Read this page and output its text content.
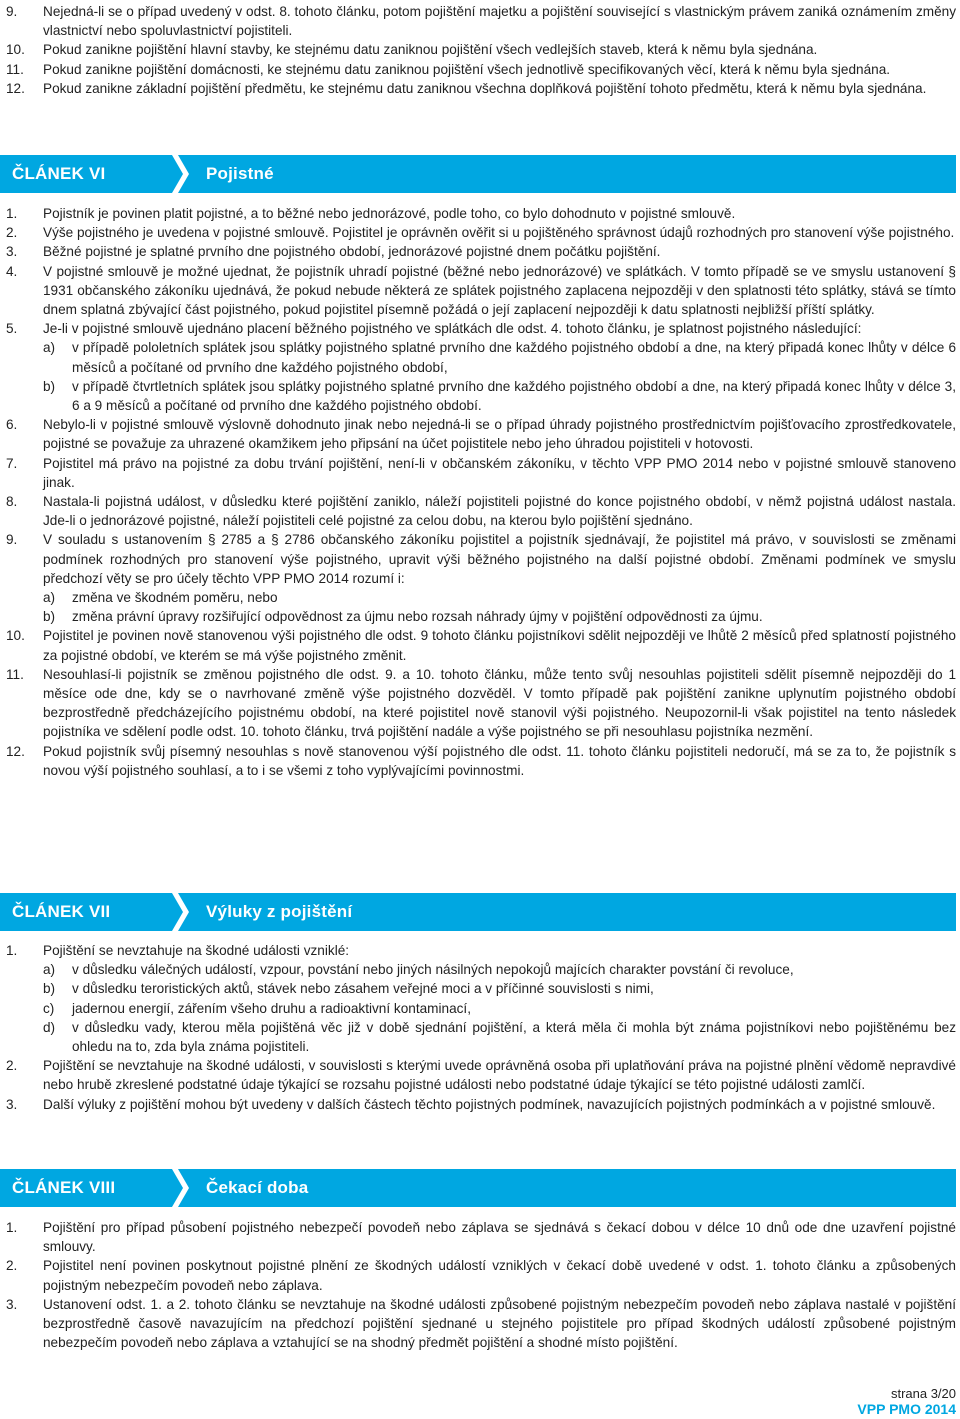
9. Nejedná-li se o případ uvedený v odst. 8. tohoto článku, potom pojištění majetku a pojištění související s vlastnickým právem zaniká oznámením změny vlastnictví nebo spoluvlastnictví pojistiteli.
10. Pokud zanikne pojištění hlavní stavby, ke stejnému datu zaniknou pojištění všech vedlejších staveb, která k němu byla sjednána.
11. Pokud zanikne pojištění domácnosti, ke stejnému datu zaniknou pojištění všech jednotlivě specifikovaných věcí, která k němu byla sjednána.
12. Pokud zanikne základní pojištění předmětu, ke stejnému datu zaniknou všechna doplňková pojištění tohoto předmětu, která k němu byla sjednána.
ČLÁNEK VI	Pojistné
1. Pojistník je povinen platit pojistné, a to běžné nebo jednorázové, podle toho, co bylo dohodnuto v pojistné smlouvě.
2. Výše pojistného je uvedena v pojistné smlouvě. Pojistitel je oprávněn ověřit si u pojištěného správnost údajů rozhodných pro stanovení výše pojistného.
3. Běžné pojistné je splatné prvního dne pojistného období, jednorázové pojistné dnem počátku pojištění.
4. V pojistné smlouvě je možné ujednat, že pojistník uhradí pojistné (běžné nebo jednorázové) ve splátkách. V tomto případě se ve smyslu ustanovení § 1931 občanského zákoníku ujednává, že pokud nebude některá ze splátek pojistného zaplacena nejpozději v den splatnosti této splátky, stává se tímto dnem splatná zbývající část pojistného, pokud pojistitel písemně požádá o její zaplacení nejpozději k datu splatnosti nejbližší příští splátky.
5. Je-li v pojistné smlouvě ujednáno placení běžného pojistného ve splátkách dle odst. 4. tohoto článku, je splatnost pojistného následující:
a) v případě pololetních splátek jsou splátky pojistného splatné prvního dne každého pojistného období a dne, na který připadá konec lhůty v délce 6 měsíců a počítané od prvního dne každého pojistného období,
b) v případě čtvrtletních splátek jsou splátky pojistného splatné prvního dne každého pojistného období a dne, na který připadá konec lhůty v délce 3, 6 a 9 měsíců a počítané od prvního dne každého pojistného období.
6. Nebylo-li v pojistné smlouvě výslovně dohodnuto jinak nebo nejedná-li se o případ úhrady pojistného prostřednictvím pojišťovacího zprostředkovatele, pojistné se považuje za uhrazené okamžikem jeho připsání na účet pojistitele nebo jeho úhradou pojistiteli v hotovosti.
7. Pojistitel má právo na pojistné za dobu trvání pojištění, není-li v občanském zákoníku, v těchto VPP PMO 2014 nebo v pojistné smlouvě stanoveno jinak.
8. Nastala-li pojistná událost, v důsledku které pojištění zaniklo, náleží pojistiteli pojistné do konce pojistného období, v němž pojistná událost nastala. Jde-li o jednorázové pojistné, náleží pojistiteli celé pojistné za celou dobu, na kterou bylo pojištění sjednáno.
9. V souladu s ustanovením § 2785 a § 2786 občanského zákoníku pojistitel a pojistník sjednávají, že pojistitel má právo, v souvislosti se změnami podmínek rozhodných pro stanovení výše pojistného, upravit výši běžného pojistného na další pojistné období. Změnami podmínek ve smyslu předchozí věty se pro účely těchto VPP PMO 2014 rozumí i:
a) změna ve škodném poměru, nebo
b) změna právní úpravy rozšiřující odpovědnost za újmu nebo rozsah náhrady újmy v pojištění odpovědnosti za újmu.
10. Pojistitel je povinen nově stanovenou výši pojistného dle odst. 9 tohoto článku pojistníkovi sdělit nejpozději ve lhůtě 2 měsíců před splatností pojistného za pojistné období, ve kterém se má výše pojistného změnit.
11. Nesouhlasí-li pojistník se změnou pojistného dle odst. 9. a 10. tohoto článku, může tento svůj nesouhlas pojistiteli sdělit písemně nejpozději do 1 měsíce ode dne, kdy se o navrhované změně výše pojistného dozvěděl. V tomto případě pak pojištění zanikne uplynutím pojistného období bezprostředně předcházejícího pojistnému období, na které pojistitel nově stanovil výši pojistného. Neupozornil-li však pojistitel na tento následek pojistníka ve sdělení podle odst. 10. tohoto článku, trvá pojištění nadále a výše pojistného se při nesouhlasu pojistníka nezmění.
12. Pokud pojistník svůj písemný nesouhlas s nově stanovenou výší pojistného dle odst. 11. tohoto článku pojistiteli nedoručí, má se za to, že pojistník s novou výší pojistného souhlasí, a to i se všemi z toho vyplývajícími povinnostmi.
ČLÁNEK VII	Výluky z pojištění
1. Pojištění se nevztahuje na škodné události vzniklé:
a) v důsledku válečných událostí, vzpour, povstání nebo jiných násilných nepokojů majících charakter povstání či revoluce,
b) v důsledku teroristických aktů, stávek nebo zásahem veřejné moci a v příčinné souvislosti s nimi,
c) jadernou energií, zářením všeho druhu a radioaktivní kontaminací,
d) v důsledku vady, kterou měla pojištěná věc již v době sjednání pojištění, a která měla či mohla být známa pojistníkovi nebo pojištěnému bez ohledu na to, zda byla známa pojistiteli.
2. Pojištění se nevztahuje na škodné události, v souvislosti s kterými uvede oprávněná osoba při uplatňování práva na pojistné plnění vědomě nepravdivé nebo hrubě zkreslené podstatné údaje týkající se rozsahu pojistné události nebo podstatné údaje týkající se této pojistné události zamlčí.
3. Další výluky z pojištění mohou být uvedeny v dalších částech těchto pojistných podmínek, navazujících pojistných podmínkách a v pojistné smlouvě.
ČLÁNEK VIII	Čekací doba
1. Pojištění pro případ působení pojistného nebezpečí povodeň nebo záplava se sjednává s čekací dobou v délce 10 dnů ode dne uzavření pojistné smlouvy.
2. Pojistitel není povinen poskytnout pojistné plnění ze škodných událostí vzniklých v čekací době uvedené v odst. 1. tohoto článku a způsobených pojistným nebezpečím povodeň nebo záplava.
3. Ustanovení odst. 1. a 2. tohoto článku se nevztahuje na škodné události způsobené pojistným nebezpečím povodeň nebo záplava nastalé v pojištění bezprostředně časově navazujícím na předchozí pojištění sjednané u stejného pojistitele pro případ škodných událostí způsobené pojistným nebezpečím povodeň nebo záplava a vztahující se na shodný předmět pojištění a shodné místo pojištění.
strana 3/20
VPP PMO 2014
